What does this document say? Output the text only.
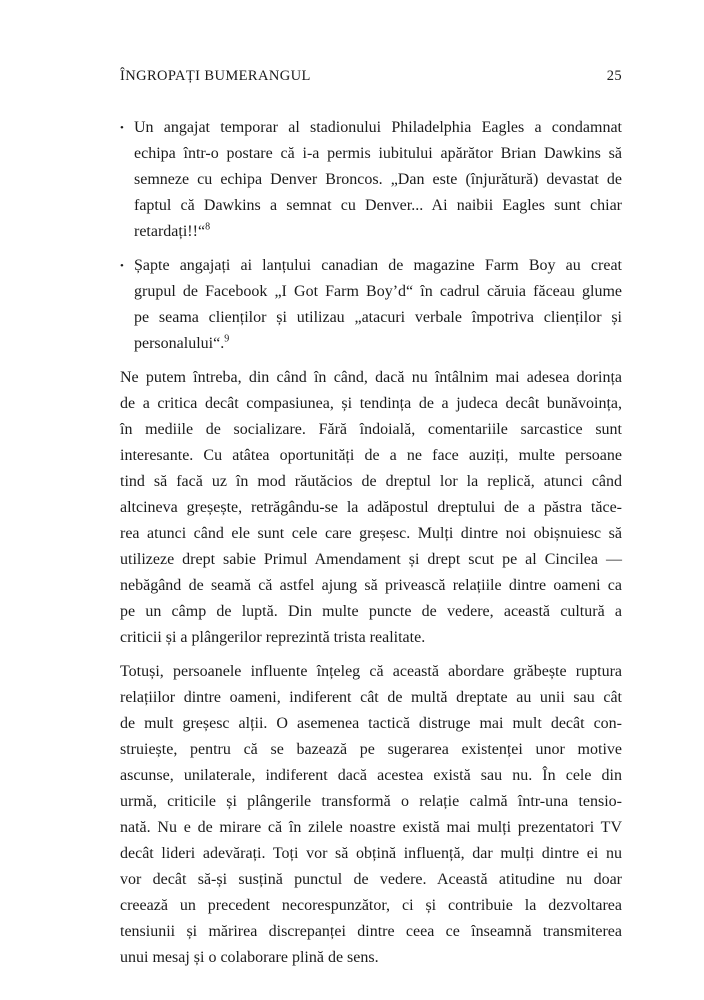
ÎNGROPAȚI BUMERANGUL	25
• Un angajat temporar al stadionului Philadelphia Eagles a condamnat
echipa într-o postare că i-a permis iubitului apărător Brian Dawkins să
semneze cu echipa Denver Broncos. „Dan este (înjurătură) devastat de
faptul că Dawkins a semnat cu Denver... Ai naibii Eagles sunt chiar
retardați!!“$^8$
• Șapte angajați ai lanțului canadian de magazine Farm Boy au creat
grupul de Facebook „I Got Farm Boy’d“ în cadrul căruia făceau glume
pe seama clienților și utilizau „atacuri verbale împotriva clienților și
personalului“.$^9$
Ne putem întreba, din când în când, dacă nu întâlnim mai adesea dorința
de a critica decât compasiunea, și tendința de a judeca decât bunăvoința,
în mediile de socializare. Fără îndoială, comentariile sarcastice sunt
interesante. Cu atâtea oportunități de a ne face auziți, multe persoane
tind să facă uz în mod răutăcios de dreptul lor la replică, atunci când
altcineva greșește, retrăgându-se la adăpostul dreptului de a păstra tăce-
rea atunci când ele sunt cele care greșesc. Mulți dintre noi obișnuiesc să
utilizeze drept sabie Primul Amendament și drept scut pe al Cincilea —
nebăgând de seamă că astfel ajung să privească relațiile dintre oameni ca
pe un câmp de luptă. Din multe puncte de vedere, această cultură a
criticii și a plângerilor reprezintă trista realitate.
Totuși, persoanele influente înțeleg că această abordare grăbește ruptura
relațiilor dintre oameni, indiferent cât de multă dreptate au unii sau cât
de mult greșesc alții. O asemenea tactică distruge mai mult decât con-
struiește, pentru că se bazează pe sugerarea existenței unor motive
ascunse, unilaterale, indiferent dacă acestea există sau nu. În cele din
urmă, criticile și plângerile transformă o relație calmă într-una tensio-
nată. Nu e de mirare că în zilele noastre există mai mulți prezentatori TV
decât lideri adevărați. Toți vor să obțină influență, dar mulți dintre ei nu
vor decât să-și susțină punctul de vedere. Această atitudine nu doar
creează un precedent necorespunzător, ci și contribuie la dezvoltarea
tensiunii și mărirea discrepanței dintre ceea ce înseamnă transmiterea
unui mesaj și o colaborare plină de sens.
